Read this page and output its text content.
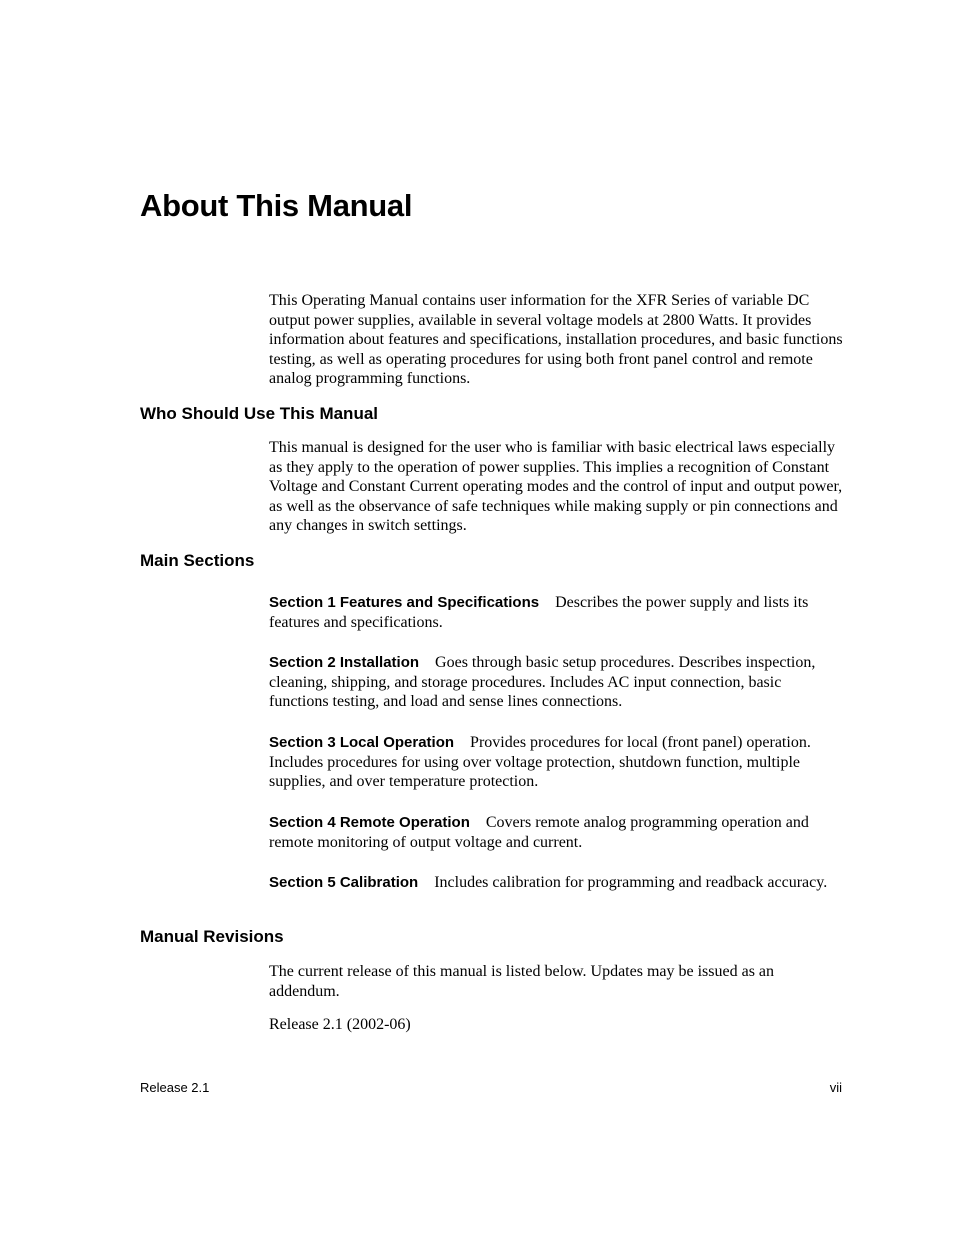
About This Manual

This Operating Manual contains user information for the XFR Series of variable DC output power supplies, available in several voltage models at 2800 Watts. It provides information about features and specifications, installation procedures, and basic functions testing, as well as operating procedures for using both front panel control and remote analog programming functions.

Who Should Use This Manual

This manual is designed for the user who is familiar with basic electrical laws especially as they apply to the operation of power supplies. This implies a recognition of Constant Voltage and Constant Current operating modes and the control of input and output power, as well as the observance of safe techniques while making supply or pin connections and any changes in switch settings.

Main Sections

Section 1 Features and Specifications Describes the power supply and lists its features and specifications.

Section 2 Installation Goes through basic setup procedures. Describes inspection, cleaning, shipping, and storage procedures. Includes AC input connection, basic functions testing, and load and sense lines connections.

Section 3 Local Operation Provides procedures for local (front panel) operation. Includes procedures for using over voltage protection, shutdown function, multiple supplies, and over temperature protection.

Section 4 Remote Operation Covers remote analog programming operation and remote monitoring of output voltage and current.

Section 5 Calibration Includes calibration for programming and readback accuracy.

Manual Revisions

The current release of this manual is listed below. Updates may be issued as an addendum.

Release 2.1 (2002-06)

Release 2.1	vii
